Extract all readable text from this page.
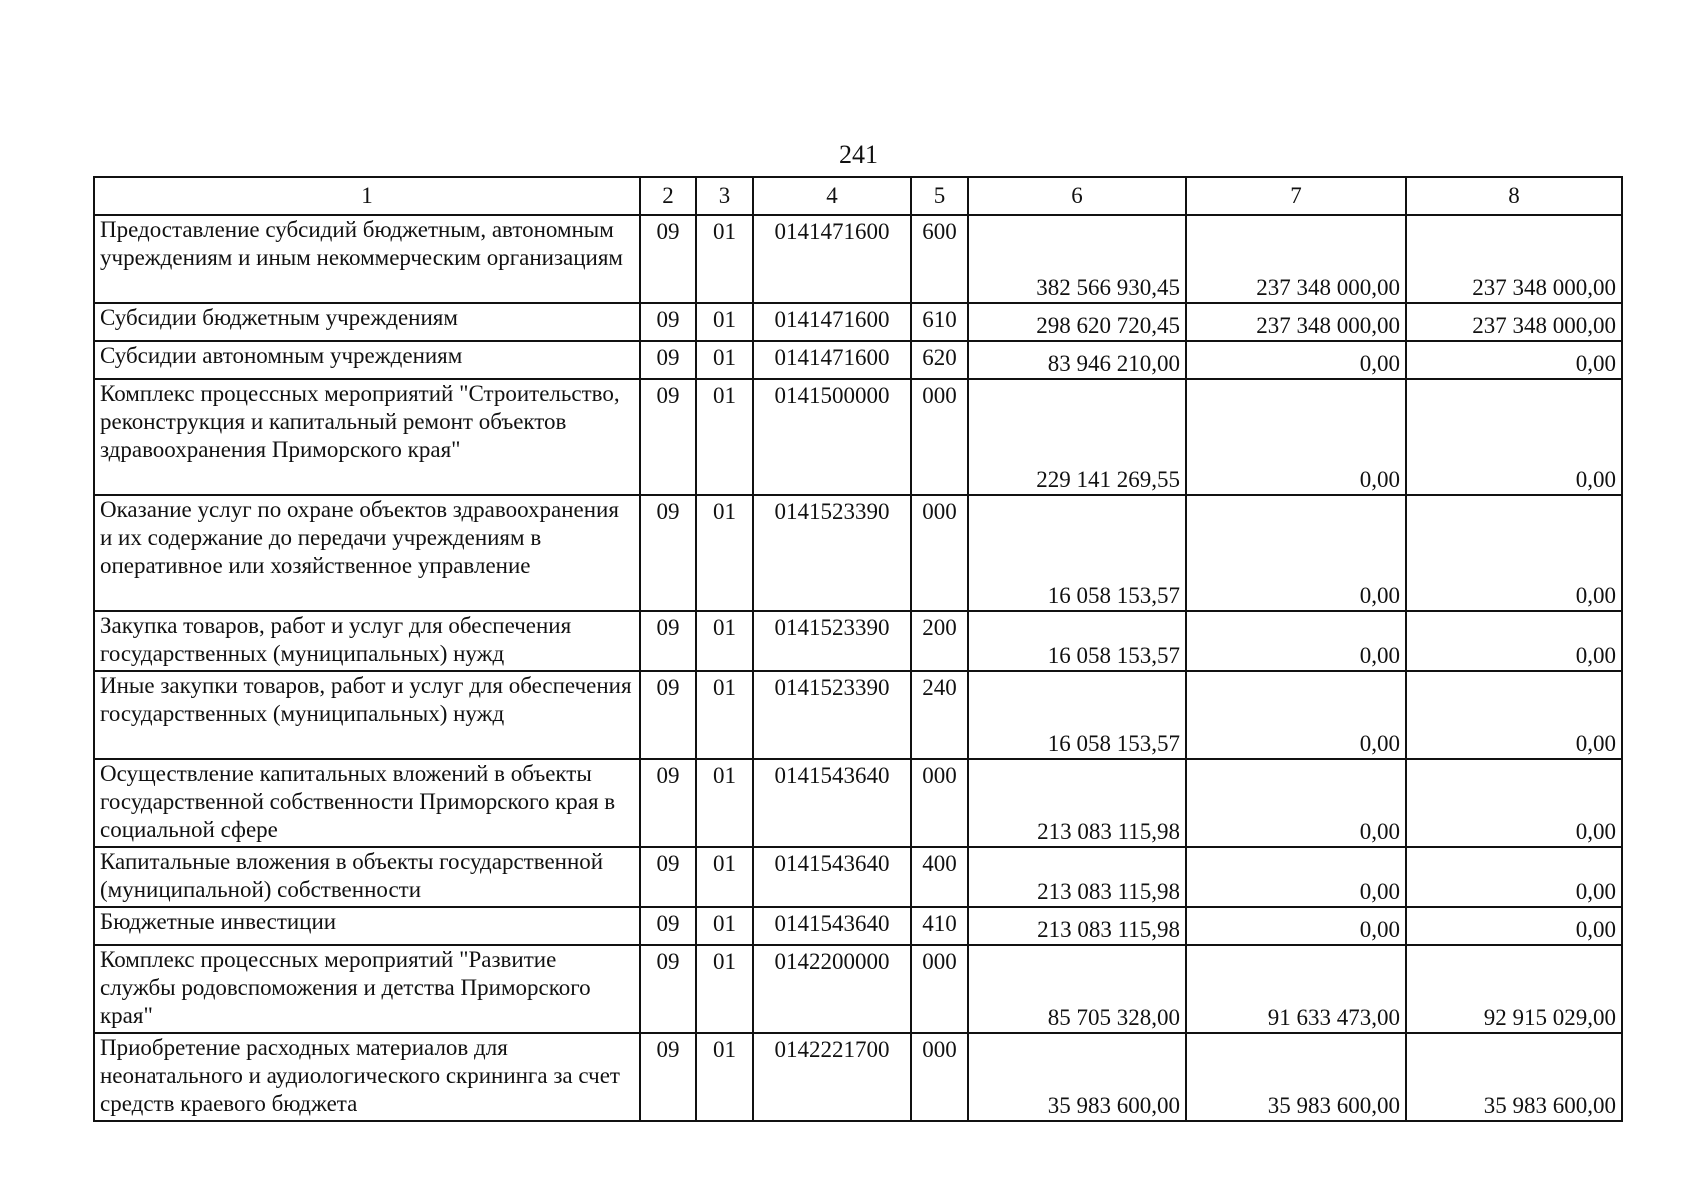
241
1	2	3	4	5	6	7	8
Предоставление субсидий бюджетным, автономным учреждениям и иным некоммерческим организациям	09	01	0141471600	600	382 566 930,45	237 348 000,00	237 348 000,00
Субсидии бюджетным учреждениям	09	01	0141471600	610	298 620 720,45	237 348 000,00	237 348 000,00
Субсидии автономным учреждениям	09	01	0141471600	620	83 946 210,00	0,00	0,00
Комплекс процессных мероприятий "Строительство, реконструкция и капитальный ремонт объектов здравоохранения Приморского края"	09	01	0141500000	000	229 141 269,55	0,00	0,00
Оказание услуг по охране объектов здравоохранения и их содержание до передачи учреждениям в оперативное или хозяйственное управление	09	01	0141523390	000	16 058 153,57	0,00	0,00
Закупка товаров, работ и услуг для обеспечения государственных (муниципальных) нужд	09	01	0141523390	200	16 058 153,57	0,00	0,00
Иные закупки товаров, работ и услуг для обеспечения государственных (муниципальных) нужд	09	01	0141523390	240	16 058 153,57	0,00	0,00
Осуществление капитальных вложений в объекты государственной собственности Приморского края в социальной сфере	09	01	0141543640	000	213 083 115,98	0,00	0,00
Капитальные вложения в объекты государственной (муниципальной) собственности	09	01	0141543640	400	213 083 115,98	0,00	0,00
Бюджетные инвестиции	09	01	0141543640	410	213 083 115,98	0,00	0,00
Комплекс процессных мероприятий "Развитие службы родовспоможения и детства Приморского края"	09	01	0142200000	000	85 705 328,00	91 633 473,00	92 915 029,00
Приобретение расходных материалов для неонатального и аудиологического скрининга за счет средств краевого бюджета	09	01	0142221700	000	35 983 600,00	35 983 600,00	35 983 600,00
